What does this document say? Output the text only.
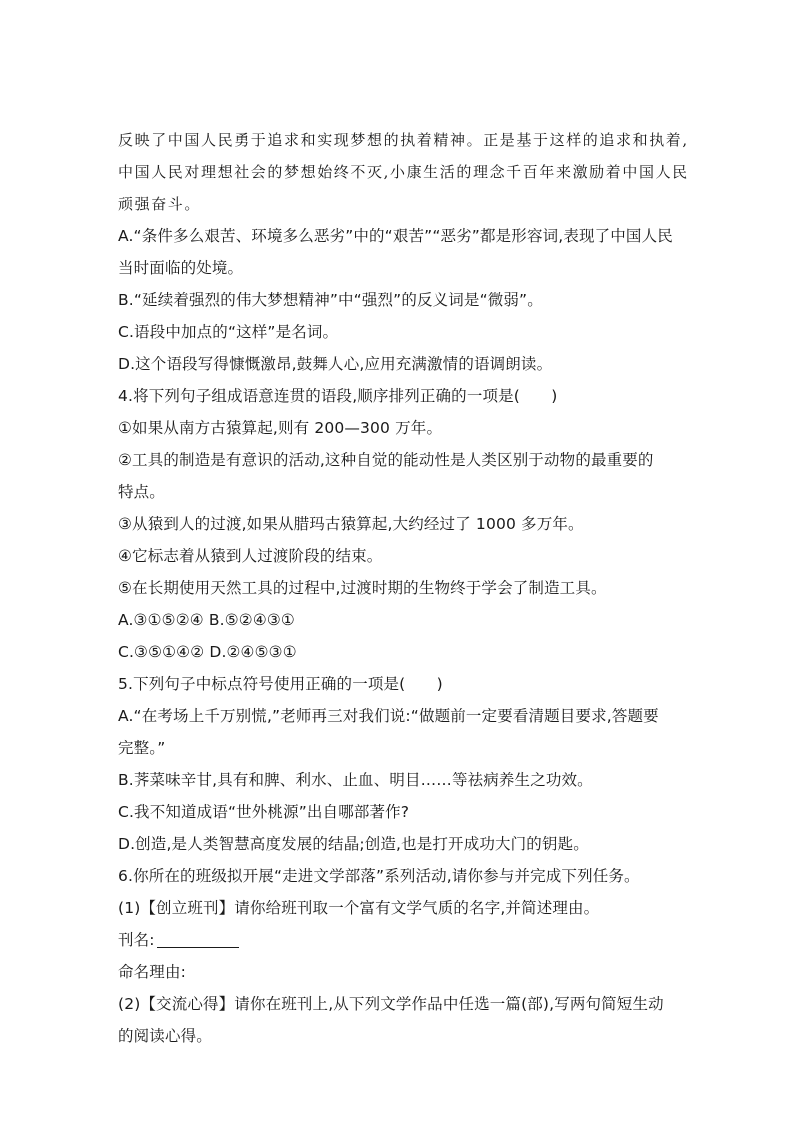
反映了中国人民勇于追求和实现梦想的执着精神。正是基于这样的追求和执着,
中国人民对理想社会的梦想始终不灭,小康生活的理念千百年来激励着中国人民
顽强奋斗。
A.“条件多么艰苦、环境多么恶劣”中的“艰苦”“恶劣”都是形容词,表现了中国人民
当时面临的处境。
B.“延续着强烈的伟大梦想精神”中“强烈”的反义词是“微弱”。
C.语段中加点的“这样”是名词。
D.这个语段写得慷慨激昂,鼓舞人心,应用充满激情的语调朗读。
4.将下列句子组成语意连贯的语段,顺序排列正确的一项是(　　)
①如果从南方古猿算起,则有 200—300 万年。
②工具的制造是有意识的活动,这种自觉的能动性是人类区别于动物的最重要的
特点。
③从猿到人的过渡,如果从腊玛古猿算起,大约经过了 1000 多万年。
④它标志着从猿到人过渡阶段的结束。
⑤在长期使用天然工具的过程中,过渡时期的生物终于学会了制造工具。
A.③①⑤②④ B.⑤②④③①
C.③⑤①④② D.②④⑤③①
5.下列句子中标点符号使用正确的一项是(　　)
A.“在考场上千万别慌,”老师再三对我们说:“做题前一定要看清题目要求,答题要
完整。”
B.荠菜味辛甘,具有和脾、利水、止血、明目……等祛病养生之功效。
C.我不知道成语“世外桃源”出自哪部著作?
D.创造,是人类智慧高度发展的结晶;创造,也是打开成功大门的钥匙。
6.你所在的班级拟开展“走进文学部落”系列活动,请你参与并完成下列任务。
(1)【创立班刊】请你给班刊取一个富有文学气质的名字,并简述理由。
刊名:
命名理由:
(2)【交流心得】请你在班刊上,从下列文学作品中任选一篇(部),写两句简短生动
的阅读心得。
